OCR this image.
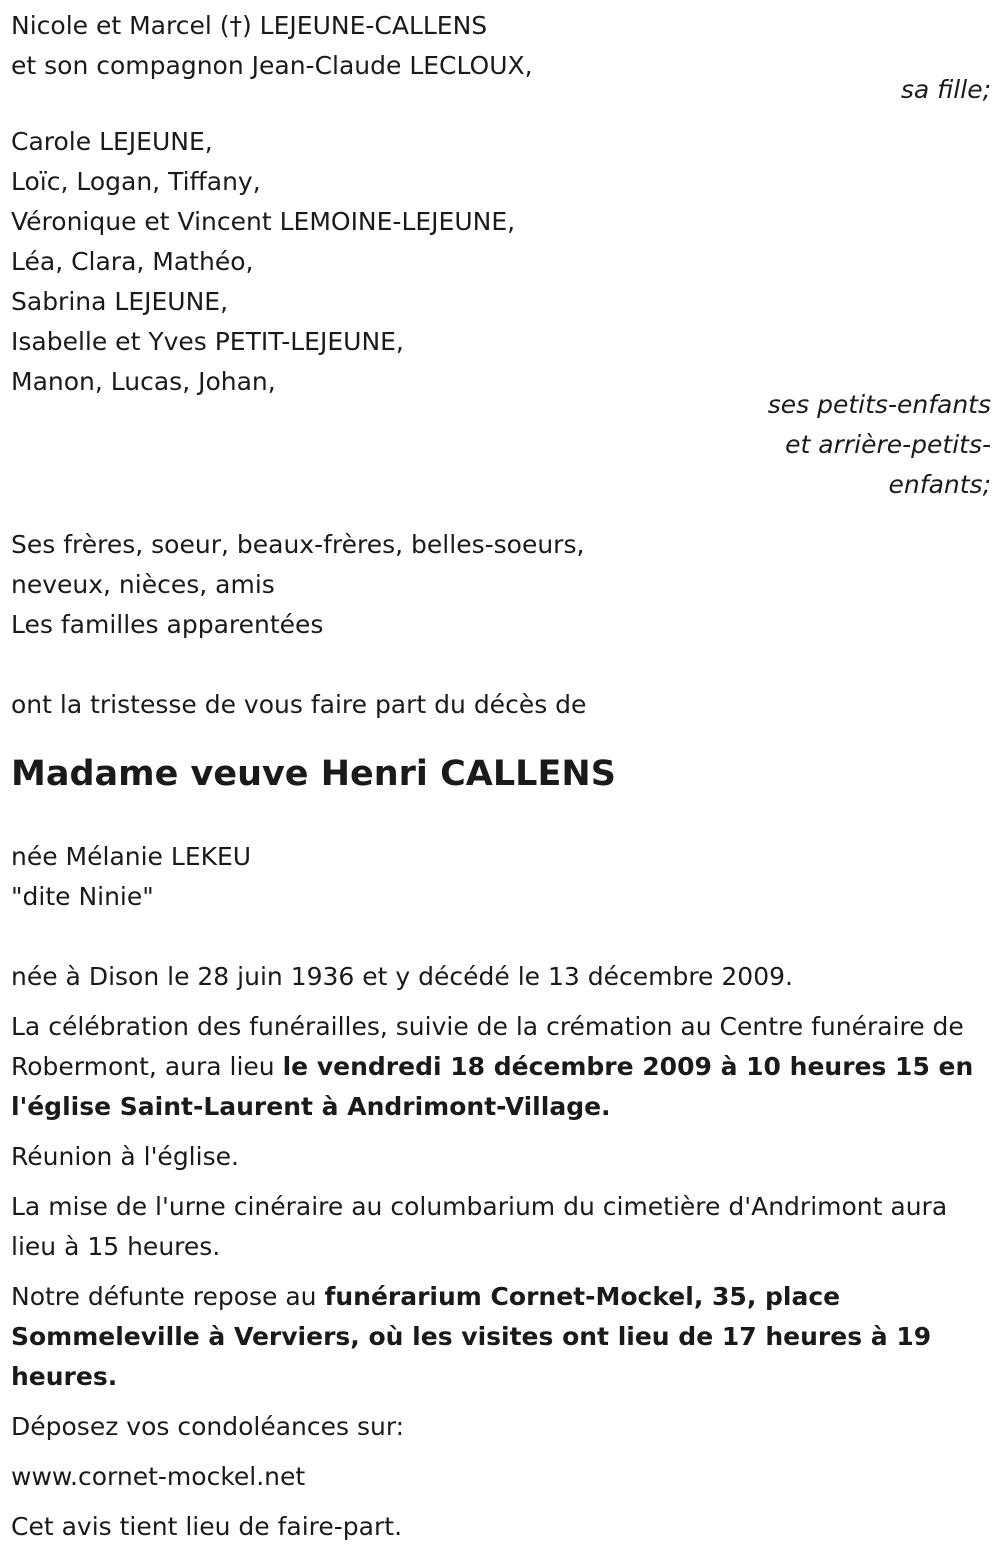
Nicole et Marcel (†) LEJEUNE-CALLENS
et son compagnon Jean-Claude LECLOUX,
sa fille;
Carole LEJEUNE,
Loïc, Logan, Tiffany,
Véronique et Vincent LEMOINE-LEJEUNE,
Léa, Clara, Mathéo,
Sabrina LEJEUNE,
Isabelle et Yves PETIT-LEJEUNE,
Manon, Lucas, Johan,
ses petits-enfants
et arrière-petits-
enfants;
Ses frères, soeur, beaux-frères, belles-soeurs,
neveux, nièces, amis
Les familles apparentées
ont la tristesse de vous faire part du décès de
Madame veuve Henri CALLENS
née Mélanie LEKEU
"dite Ninie"
née à Dison le 28 juin 1936 et y décédé le 13 décembre 2009.
La célébration des funérailles, suivie de la crémation au Centre funéraire de Robermont, aura lieu le vendredi 18 décembre 2009 à 10 heures 15 en l'église Saint-Laurent à Andrimont-Village.
Réunion à l'église.
La mise de l'urne cinéraire au columbarium du cimetière d'Andrimont aura lieu à 15 heures.
Notre défunte repose au funérarium Cornet-Mockel, 35, place Sommeleville à Verviers, où les visites ont lieu de 17 heures à 19 heures.
Déposez vos condoléances sur:
www.cornet-mockel.net
Cet avis tient lieu de faire-part.
